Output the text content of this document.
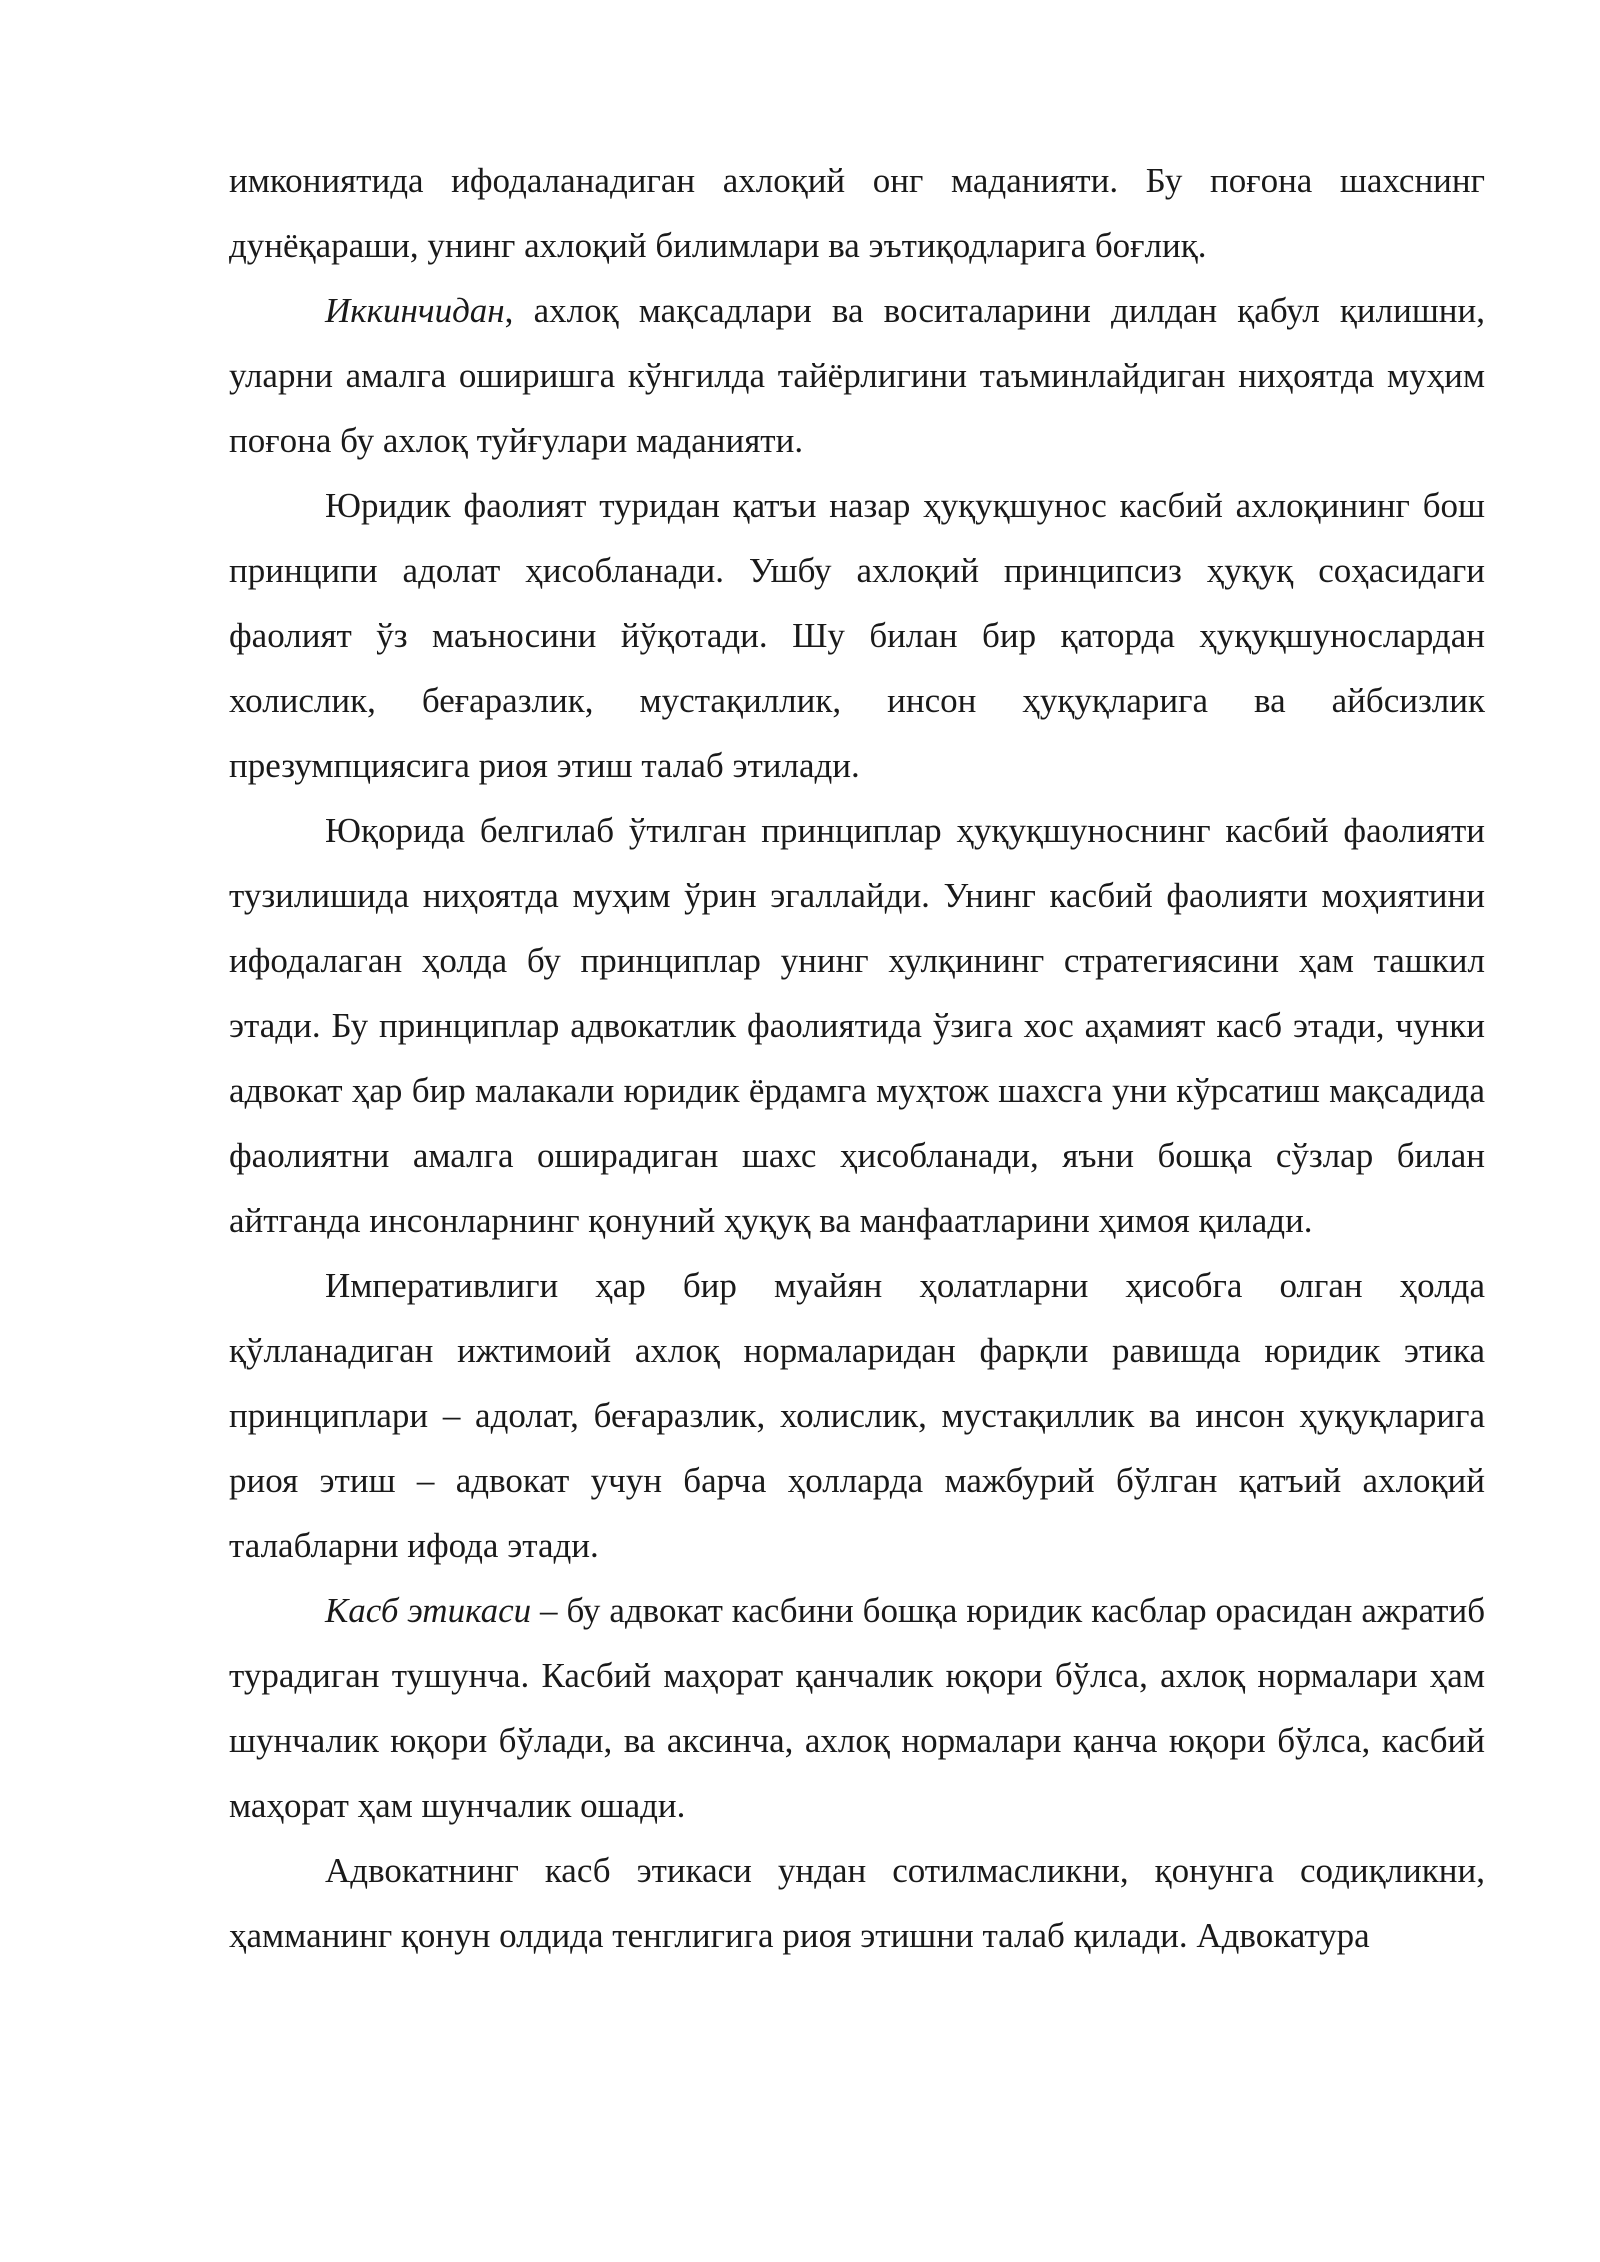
имкониятида ифодаланадиган ахлоқий онг маданияти. Бу поғона шахснинг дунёқараши, унинг ахлоқий билимлари ва эътиқодларига боғлиқ.

Иккинчидан, ахлоқ мақсадлари ва воситаларини дилдан қабул қилишни, уларни амалга оширишга кўнгилда тайёрлигини таъминлайдиган ниҳоятда муҳим поғона бу ахлоқ туйғулари маданияти.

Юридик фаолият туридан қатъи назар ҳуқуқшунос касбий ахлоқининг бош принципи адолат ҳисобланади. Ушбу ахлоқий принципсиз ҳуқуқ соҳасидаги фаолият ўз маъносини йўқотади. Шу билан бир қаторда ҳуқуқшунослардан холислик, беғаразлик, мустақиллик, инсон ҳуқуқларига ва айбсизлик презумпциясига риоя этиш талаб этилади.

Юқорида белгилаб ўтилган принциплар ҳуқуқшуноснинг касбий фаолияти тузилишида ниҳоятда муҳим ўрин эгаллайди. Унинг касбий фаолияти моҳиятини ифодалаган ҳолда бу принциплар унинг хулқининг стратегиясини ҳам ташкил этади. Бу принциплар адвокатлик фаолиятида ўзига хос аҳамият касб этади, чунки адвокат ҳар бир малакали юридик ёрдамга муҳтож шахсга уни кўрсатиш мақсадида фаолиятни амалга оширадиган шахс ҳисобланади, яъни бошқа сўзлар билан айтганда инсонларнинг қонуний ҳуқуқ ва манфаатларини ҳимоя қилади.

Императивлиги ҳар бир муайян ҳолатларни ҳисобга олган ҳолда қўлланадиган ижтимоий ахлоқ нормаларидан фарқли равишда юридик этика принциплари – адолат, беғаразлик, холислик, мустақиллик ва инсон ҳуқуқларига риоя этиш – адвокат учун барча ҳолларда мажбурий бўлган қатъий ахлоқий талабларни ифода этади.

Касб этикаси – бу адвокат касбини бошқа юридик касблар орасидан ажратиб турадиган тушунча. Касбий маҳорат қанчалик юқори бўлса, ахлоқ нормалари ҳам шунчалик юқори бўлади, ва аксинча, ахлоқ нормалари қанча юқори бўлса, касбий маҳорат ҳам шунчалик ошади.

Адвокатнинг касб этикаси ундан сотилмасликни, қонунга содиқликни, ҳамманинг қонун олдида тенглигига риоя этишни талаб қилади. Адвокатура
